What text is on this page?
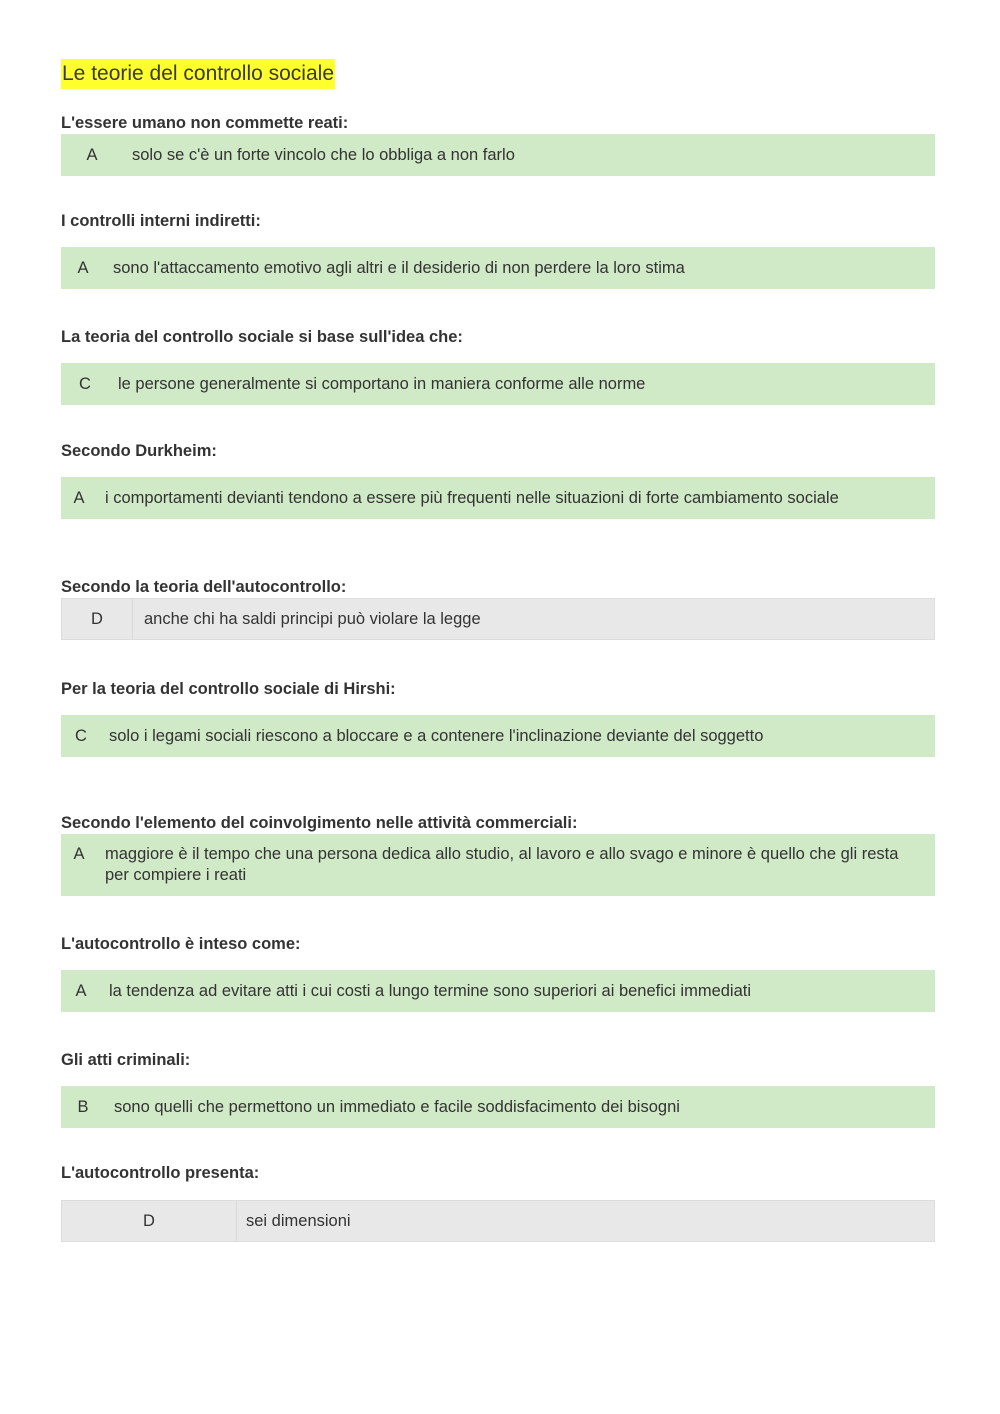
Le teorie del controllo sociale
L'essere umano non commette reati:
A	solo se c'è un forte vincolo che lo obbliga a non farlo
I controlli interni indiretti:
A	sono l'attaccamento emotivo agli altri e il desiderio di non perdere la loro stima
La teoria del controllo sociale si base sull'idea che:
C	le persone generalmente si comportano in maniera conforme alle norme
Secondo Durkheim:
A	i comportamenti devianti tendono a essere più frequenti nelle situazioni di forte cambiamento sociale
Secondo la teoria dell'autocontrollo:
D	anche chi ha saldi principi può violare la legge
Per la teoria del controllo sociale di Hirshi:
C	solo i legami sociali riescono a bloccare e a contenere l'inclinazione deviante del soggetto
Secondo l'elemento del coinvolgimento nelle attività commerciali:
A	maggiore è il tempo che una persona dedica allo studio, al lavoro e allo svago e minore è quello che gli resta per compiere i reati
L'autocontrollo è inteso come:
A	la tendenza ad evitare atti i cui costi a lungo termine sono superiori ai benefici immediati
Gli atti criminali:
B	sono quelli che permettono un immediato e facile soddisfacimento dei bisogni
L'autocontrollo presenta:
D	sei dimensioni
